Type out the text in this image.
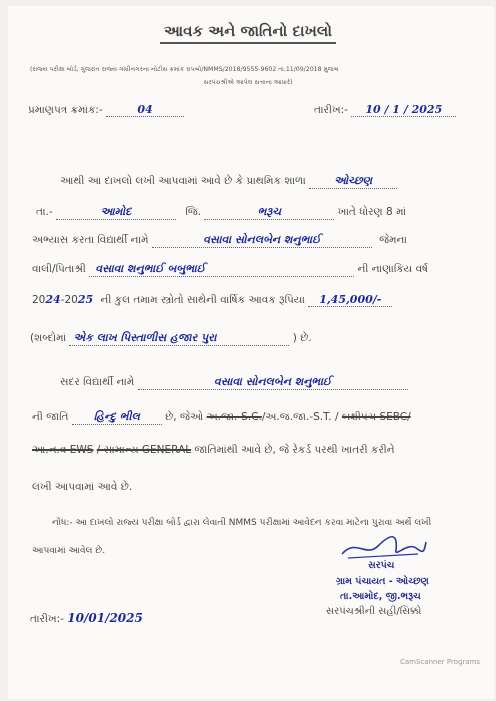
આવક અને જાતિનો દાખલો
(રાજ્ય પરીક્ષા બોર્ડ, ગુજરાત રાજ્ય ગાંધીનગરના નોટીસ ક્રમાંક રાપબો/NMMS/2018/9555-9602 તા.11/09/2018 મુજબ
સરપંચશ્રીએ આપેલ સત્તાના આધારે)
પ્રમાણપત્ર ક્રમાંક:-	04	તારીખ:- 10 / 1 / 2025
આથી આ દાખલો લખી આપવામાં આવે છે કે પ્રાથમિક શાળા	ઓચ્છણ
તા.-	આમોદ	જિ.	ભરૂચ	ખાતે ધોરણ 8 માં
અભ્યાસ કરતા વિદ્યાર્થી નામે	વસાવા સોનલબેન શનુભાઈ	જેમના
વાલી/પિતાશ્રી વસાવા શનુભાઈ બબુભાઈ	ની નાણાકિય વર્ષ
2024-2025 ની કુલ તમામ સ્ત્રોતો સાથેની વાર્ષિક આવક રૂપિયા 1,45,000/-
(શબ્દોમાં એક લાખ પિસ્તાળીસ હજાર પુરા	) છે.
સદર વિદ્યાર્થી નામે	વસાવા સોનલબેન શનુભાઈ
ની જાતિ હિન્દુ ભીલ છે, જેઓ અ.જા.-S.C./અ.જ.જા.-S.T. / બક્ષીપંચ SEBC/
આ.ન.વ EWS / સામાન્ય GENERAL જાતિમાંથી આવે છે, જે રેકર્ડ પરથી ખાતરી કરીને
લખી આપવામાં આવે છે.
નોંધ:- આ દાખલો રાજ્ય પરીક્ષા બોર્ડ દ્વારા લેવાતી NMMS પરીક્ષામાં આવેદન કરવા માટેના પુરાવા અર્થે લખી
આપવામાં આવેલ છે.
સરપંચ
ગ્રામ પંચાયત - ઓચ્છણ
તા.આમોદ, જી.ભરૂચ
સરપંચશ્રીની સહી/સિક્કો
તારીખ:- 10/01/2025
CamScanner Programs
